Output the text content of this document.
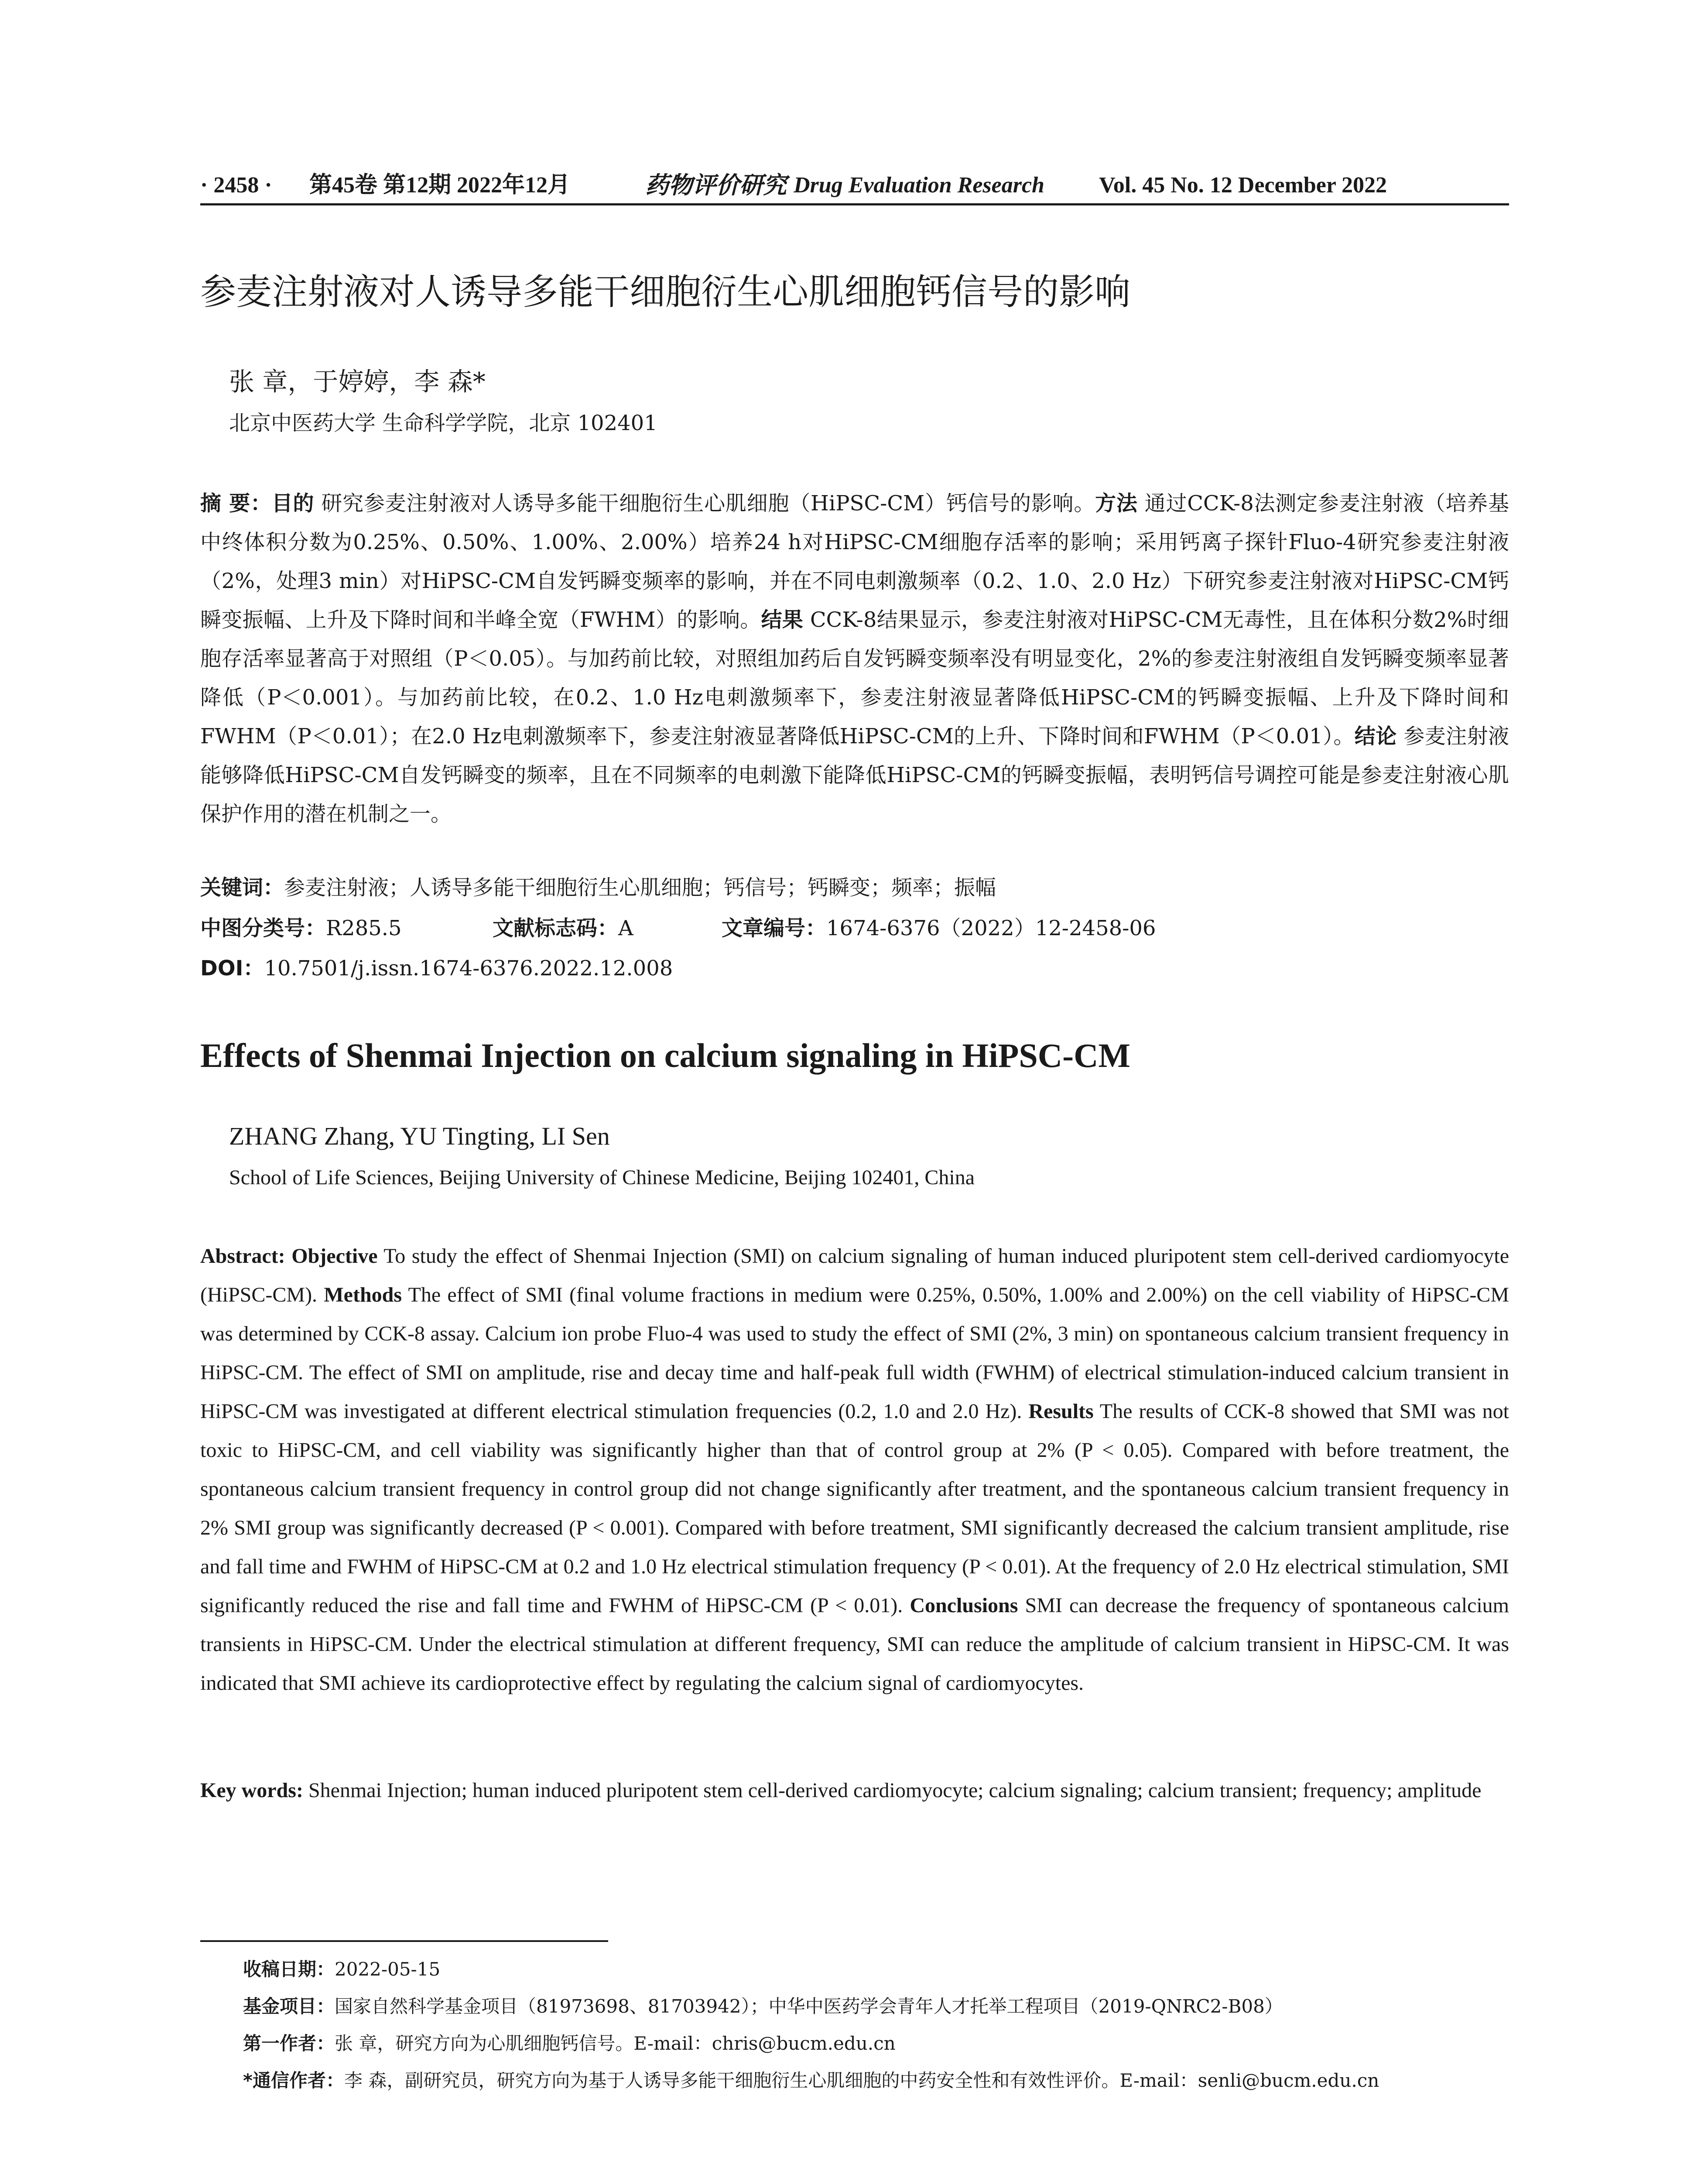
· 2458 · 第45卷 第12期 2022年12月	药物评价研究 Drug Evaluation Research Vol. 45 No. 12 December 2022
参麦注射液对人诱导多能干细胞衍生心肌细胞钙信号的影响
张 章，于婷婷，李 森*
北京中医药大学 生命科学学院，北京 102401
摘 要：目的 研究参麦注射液对人诱导多能干细胞衍生心肌细胞（HiPSC-CM）钙信号的影响。方法 通过CCK-8法测定参麦注射液（培养基中终体积分数为0.25%、0.50%、1.00%、2.00%）培养24 h对HiPSC-CM细胞存活率的影响；采用钙离子探针Fluo-4研究参麦注射液（2%，处理3 min）对HiPSC-CM自发钙瞬变频率的影响，并在不同电刺激频率（0.2、1.0、2.0 Hz）下研究参麦注射液对HiPSC-CM钙瞬变振幅、上升及下降时间和半峰全宽（FWHM）的影响。结果 CCK-8结果显示，参麦注射液对HiPSC-CM无毒性，且在体积分数2%时细胞存活率显著高于对照组（P＜0.05）。与加药前比较，对照组加药后自发钙瞬变频率没有明显变化，2%的参麦注射液组自发钙瞬变频率显著降低（P＜0.001）。与加药前比较，在0.2、1.0 Hz电刺激频率下，参麦注射液显著降低HiPSC-CM的钙瞬变振幅、上升及下降时间和FWHM（P＜0.01）；在2.0 Hz电刺激频率下，参麦注射液显著降低HiPSC-CM的上升、下降时间和FWHM（P＜0.01）。结论 参麦注射液能够降低HiPSC-CM自发钙瞬变的频率，且在不同频率的电刺激下能降低HiPSC-CM的钙瞬变振幅，表明钙信号调控可能是参麦注射液心肌保护作用的潜在机制之一。
关键词：参麦注射液；人诱导多能干细胞衍生心肌细胞；钙信号；钙瞬变；频率；振幅
中图分类号：R285.5	文献标志码：A	文章编号：1674-6376（2022）12-2458-06
DOI：10.7501/j.issn.1674-6376.2022.12.008
Effects of Shenmai Injection on calcium signaling in HiPSC-CM
ZHANG Zhang, YU Tingting, LI Sen
School of Life Sciences, Beijing University of Chinese Medicine, Beijing 102401, China
Abstract: Objective To study the effect of Shenmai Injection (SMI) on calcium signaling of human induced pluripotent stem cell-derived cardiomyocyte (HiPSC-CM). Methods The effect of SMI (final volume fractions in medium were 0.25%, 0.50%, 1.00% and 2.00%) on the cell viability of HiPSC-CM was determined by CCK-8 assay. Calcium ion probe Fluo-4 was used to study the effect of SMI (2%, 3 min) on spontaneous calcium transient frequency in HiPSC-CM. The effect of SMI on amplitude, rise and decay time and half-peak full width (FWHM) of electrical stimulation-induced calcium transient in HiPSC-CM was investigated at different electrical stimulation frequencies (0.2, 1.0 and 2.0 Hz). Results The results of CCK-8 showed that SMI was not toxic to HiPSC-CM, and cell viability was significantly higher than that of control group at 2% (P < 0.05). Compared with before treatment, the spontaneous calcium transient frequency in control group did not change significantly after treatment, and the spontaneous calcium transient frequency in 2% SMI group was significantly decreased (P < 0.001). Compared with before treatment, SMI significantly decreased the calcium transient amplitude, rise and fall time and FWHM of HiPSC-CM at 0.2 and 1.0 Hz electrical stimulation frequency (P < 0.01). At the frequency of 2.0 Hz electrical stimulation, SMI significantly reduced the rise and fall time and FWHM of HiPSC-CM (P < 0.01). Conclusions SMI can decrease the frequency of spontaneous calcium transients in HiPSC-CM. Under the electrical stimulation at different frequency, SMI can reduce the amplitude of calcium transient in HiPSC-CM. It was indicated that SMI achieve its cardioprotective effect by regulating the calcium signal of cardiomyocytes.
Key words: Shenmai Injection; human induced pluripotent stem cell-derived cardiomyocyte; calcium signaling; calcium transient; frequency; amplitude
收稿日期：2022-05-15
基金项目：国家自然科学基金项目（81973698、81703942）；中华中医药学会青年人才托举工程项目（2019-QNRC2-B08）
第一作者：张 章，研究方向为心肌细胞钙信号。E-mail：chris@bucm.edu.cn
*通信作者：李 森，副研究员，研究方向为基于人诱导多能干细胞衍生心肌细胞的中药安全性和有效性评价。E-mail：senli@bucm.edu.cn
